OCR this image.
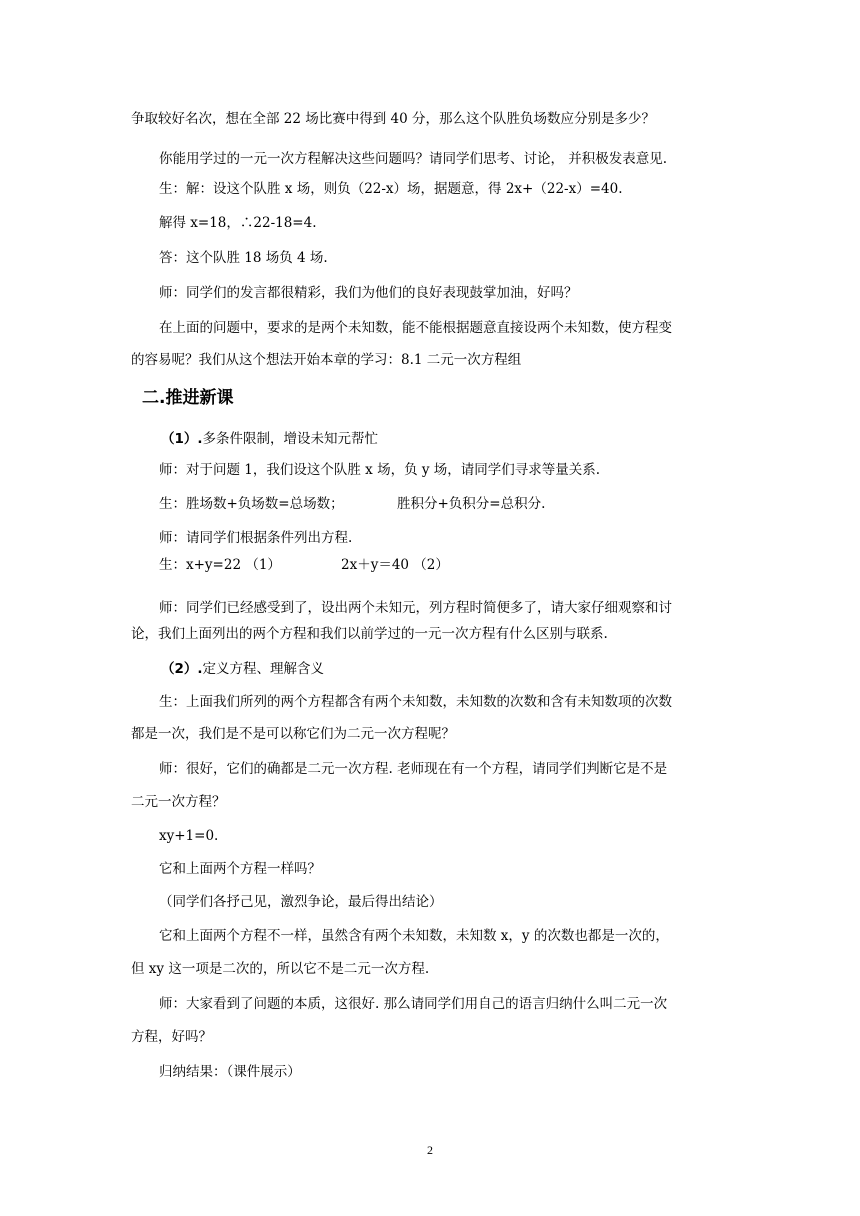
争取较好名次，想在全部 22 场比赛中得到 40 分，那么这个队胜负场数应分别是多少？
你能用学过的一元一次方程解决这些问题吗？请同学们思考、讨论， 并积极发表意见.
生：解：设这个队胜 x 场，则负（22-x）场，据题意，得 2x+（22-x）=40.
解得 x=18，∴22-18=4.
答：这个队胜 18 场负 4 场.
师：同学们的发言都很精彩，我们为他们的良好表现鼓掌加油，好吗？
在上面的问题中，要求的是两个未知数，能不能根据题意直接设两个未知数，使方程变
的容易呢？我们从这个想法开始本章的学习：8.1 二元一次方程组
二.推进新课
（1）.多条件限制，增设未知元帮忙
师：对于问题 1，我们设这个队胜 x 场，负 y 场，请同学们寻求等量关系.
生：胜场数+负场数=总场数；	胜积分+负积分=总积分.
师：请同学们根据条件列出方程.
生：x+y=22 （1）	2x＋y＝40 （2）
师：同学们已经感受到了，设出两个未知元，列方程时简便多了，请大家仔细观察和讨
论，我们上面列出的两个方程和我们以前学过的一元一次方程有什么区别与联系.
（2）.定义方程、理解含义
生：上面我们所列的两个方程都含有两个未知数，未知数的次数和含有未知数项的次数
都是一次，我们是不是可以称它们为二元一次方程呢？
师：很好，它们的确都是二元一次方程. 老师现在有一个方程，请同学们判断它是不是
二元一次方程？
xy+1=0.
它和上面两个方程一样吗？
（同学们各抒己见，激烈争论，最后得出结论）
它和上面两个方程不一样，虽然含有两个未知数，未知数 x，y 的次数也都是一次的，
但 xy 这一项是二次的，所以它不是二元一次方程.
师：大家看到了问题的本质，这很好. 那么请同学们用自己的语言归纳什么叫二元一次
方程，好吗？
归纳结果：（课件展示）
2
